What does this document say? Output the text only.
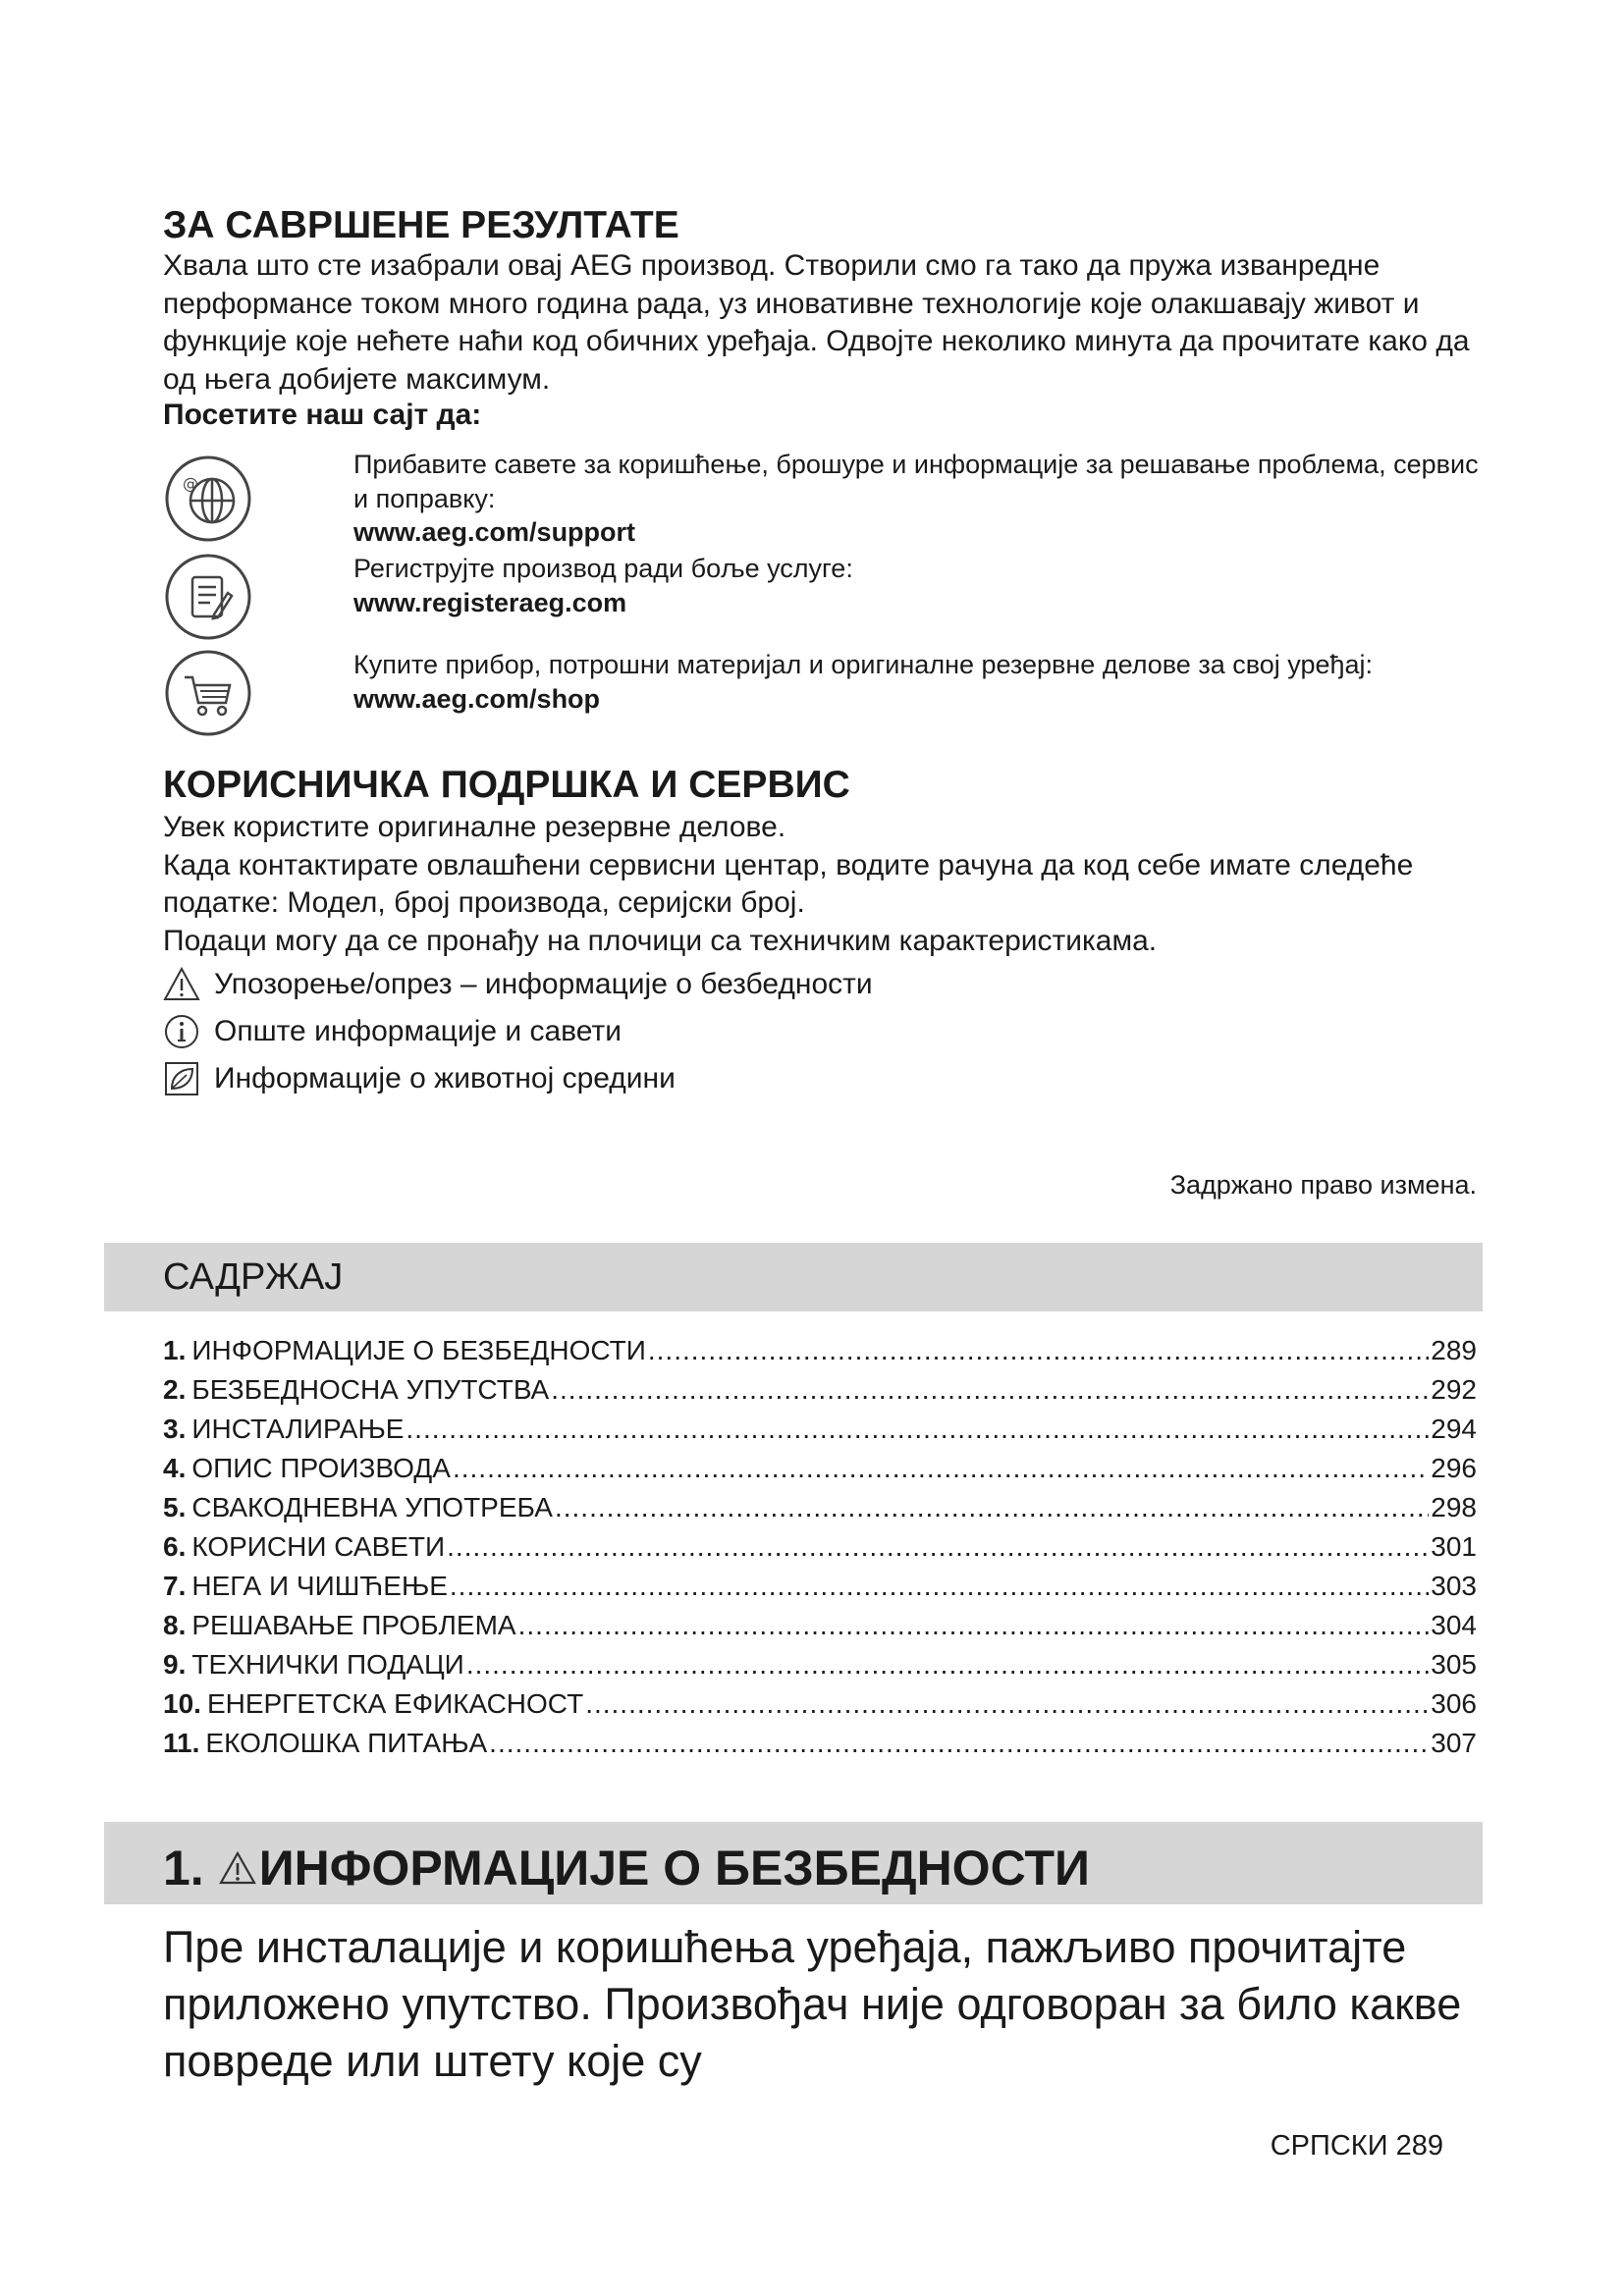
ЗА САВРШЕНЕ РЕЗУЛТАТЕ

Хвала што сте изабрали овај AEG производ. Створили смо га тако да пружа изванредне перформансе током много година рада, уз иновативне технологије које олакшавају живот и функције које нећете наћи код обичних уређаја. Одвојте неколико минута да прочитате како да од њега добијете максимум.

Посетите наш сајт да:
@
Прибавите савете за коришћење, брошуре и информације за решавање проблема, сервис и поправку:
www.aeg.com/support
Региструјте производ ради боље услуге:
www.registeraeg.com
Купите прибор, потрошни материјал и оригиналне резервне делове за свој уређај:
www.aeg.com/shop
КОРИСНИЧКА ПОДРШКА И СЕРВИС
Увек користите оригиналне резервне делове.
Када контактирате овлашћени сервисни центар, водите рачуна да код себе имате следеће податке: Модел, број производа, серијски број.
Подаци могу да се пронађу на плочици са техничким карактеристикама.
Упозорење/опрез – информације о безбедности
Опште информације и савети
Информације о животној средини
Задржано право измена.
САДРЖАЈ
1. ИНФОРМАЦИЈЕ О БЕЗБЕДНОСТИ .....	289
2. БЕЗБЕДНОСНА УПУТСТВА .....	292
3. ИНСТАЛИРАЊЕ .....	294
4. ОПИС ПРОИЗВОДА .....	296
5. СВАКОДНЕВНА УПОТРЕБА .....	298
6. КОРИСНИ САВЕТИ .....	301
7. НЕГА И ЧИШЋЕЊЕ .....	303
8. РЕШАВАЊЕ ПРОБЛЕМА .....	304
9. ТЕХНИЧКИ ПОДАЦИ .....	305
10. ЕНЕРГЕТСКА ЕФИКАСНОСТ .....	306
11. ЕКОЛОШКА ПИТАЊА .....	307
1. ИНФОРМАЦИЈЕ О БЕЗБЕДНОСТИ
Пре инсталације и коришћења уређаја, пажљиво прочитајте приложено упутство. Произвођач није одговоран за било какве повреде или штету које су
СРПСКИ 289
